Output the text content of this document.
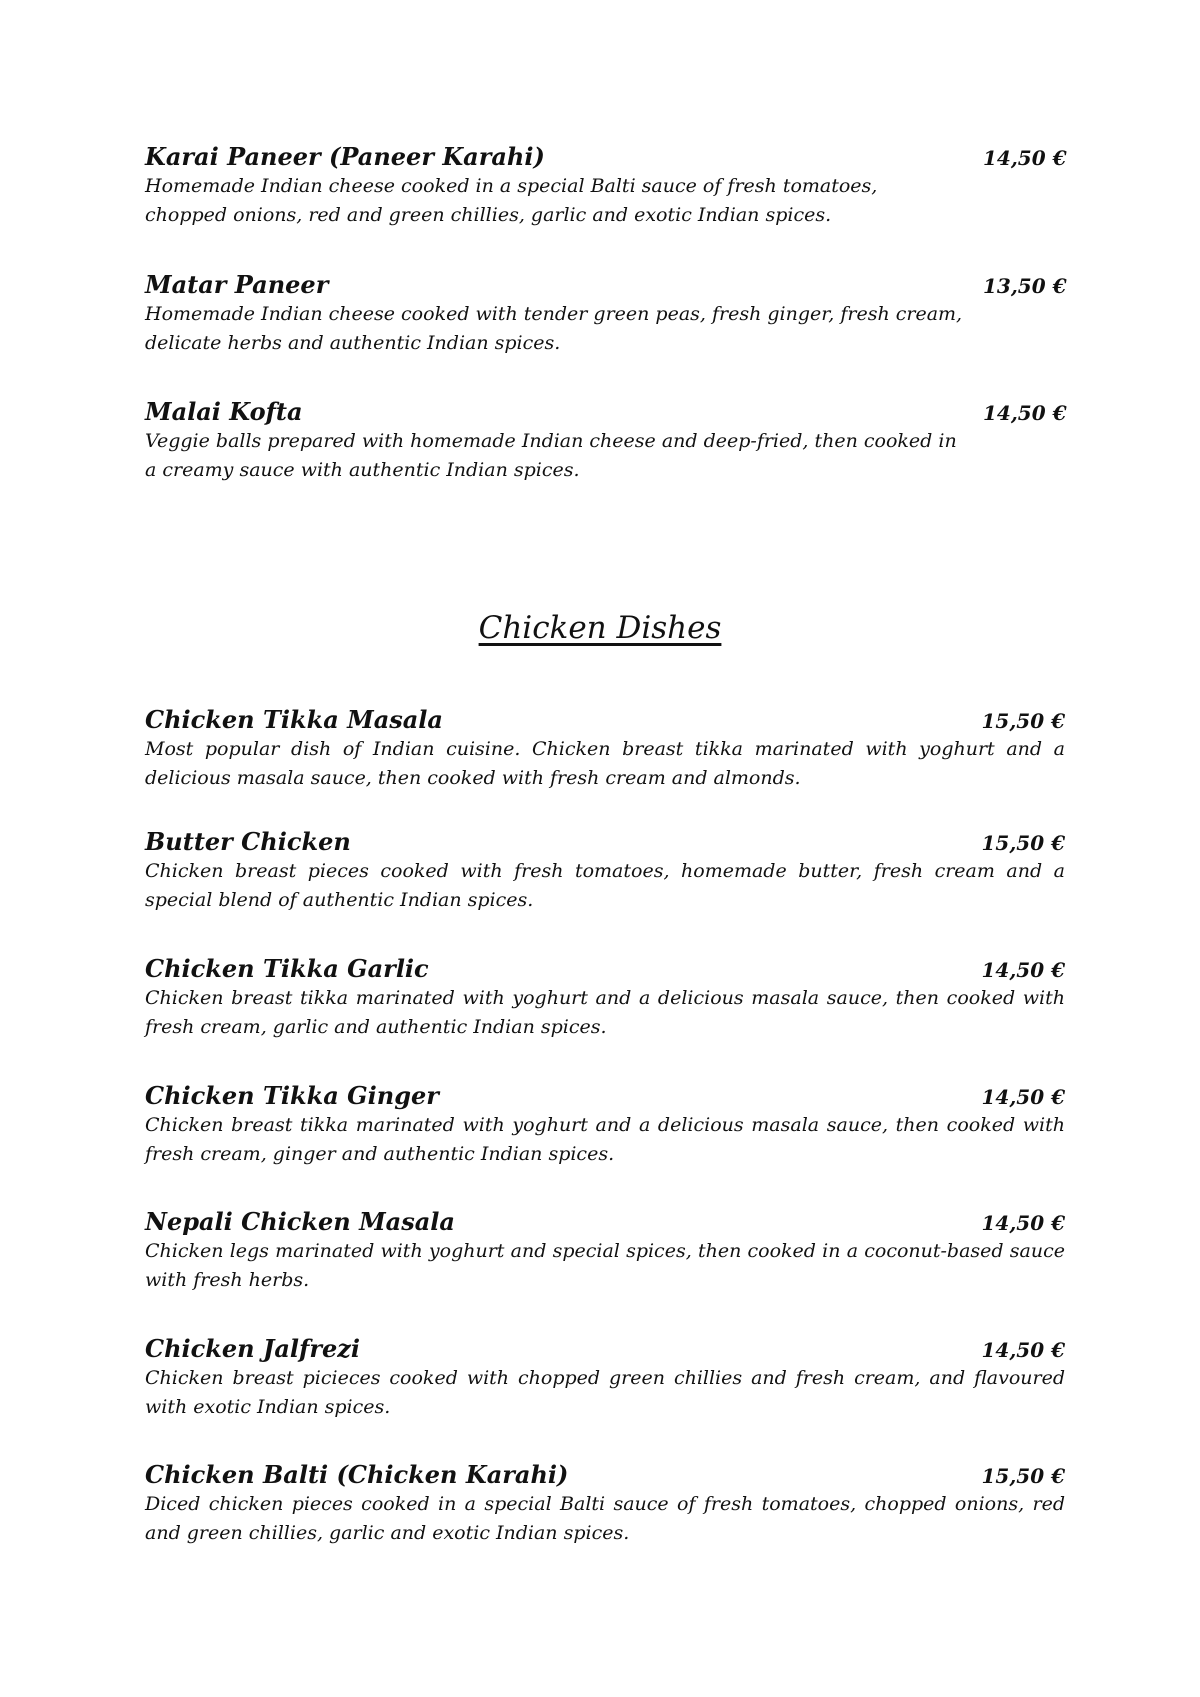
Karai Paneer (Paneer Karahi)	14,50 €

Homemade Indian cheese cooked in a special Balti sauce of fresh tomatoes, chopped onions, red and green chillies, garlic and exotic Indian spices.

Matar Paneer	13,50 €

Homemade Indian cheese cooked with tender green peas, fresh ginger, fresh cream, delicate herbs and authentic Indian spices.

Malai Kofta	14,50 €

Veggie balls prepared with homemade Indian cheese and deep-fried, then cooked in a creamy sauce with authentic Indian spices.

Chicken Dishes
Chicken Tikka Masala	15,50 €

Most popular dish of Indian cuisine. Chicken breast tikka marinated with yoghurt and a delicious masala sauce, then cooked with fresh cream and almonds.

Butter Chicken	15,50 €

Chicken breast pieces cooked with fresh tomatoes, homemade butter, fresh cream and a special blend of authentic Indian spices.

Chicken Tikka Garlic	14,50 €

Chicken breast tikka marinated with yoghurt and a delicious masala sauce, then cooked with fresh cream, garlic and authentic Indian spices.

Chicken Tikka Ginger	14,50 €

Chicken breast tikka marinated with yoghurt and a delicious masala sauce, then cooked with fresh cream, ginger and authentic Indian spices.

Nepali Chicken Masala	14,50 €

Chicken legs marinated with yoghurt and special spices, then cooked in a coconut-based sauce with fresh herbs.

Chicken Jalfrezi	14,50 €

Chicken breast picieces cooked with chopped green chillies and fresh cream, and flavoured with exotic Indian spices.

Chicken Balti (Chicken Karahi)	15,50 €

Diced chicken pieces cooked in a special Balti sauce of fresh tomatoes, chopped onions, red and green chillies, garlic and exotic Indian spices.
